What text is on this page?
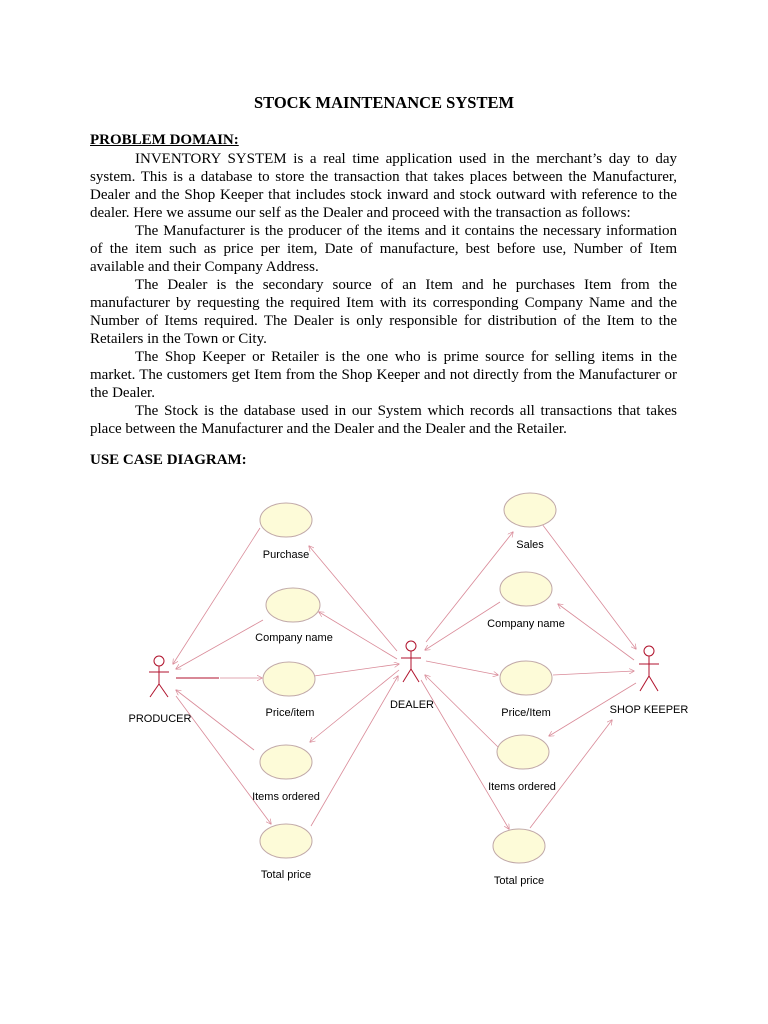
STOCK MAINTENANCE SYSTEM
PROBLEM DOMAIN:

INVENTORY SYSTEM is a real time application used in the merchant’s day to day system. This is a database to store the transaction that takes places between the Manufacturer, Dealer and the Shop Keeper that includes stock inward and stock outward with reference to the dealer. Here we assume our self as the Dealer and proceed with the transaction as follows:

The Manufacturer is the producer of the items and it contains the necessary information of the item such as price per item, Date of manufacture, best before use, Number of Item available and their Company Address.

The Dealer is the secondary source of an Item and he purchases Item from the manufacturer by requesting the required Item with its corresponding Company Name and the Number of Items required. The Dealer is only responsible for distribution of the Item to the Retailers in the Town or City.

The Shop Keeper or Retailer is the one who is prime source for selling items in the market. The customers get Item from the Shop Keeper and not directly from the Manufacturer or the Dealer.

The Stock is the database used in our System which records all transactions that takes place between the Manufacturer and the Dealer and the Dealer and the Retailer.

USE CASE DIAGRAM:
PRODUCER
DEALER	SHOP KEEPER
Purchase
Company name
Price/item
Items ordered
Total price
Sales
Company name
Price/Item
Items ordered
Total price
